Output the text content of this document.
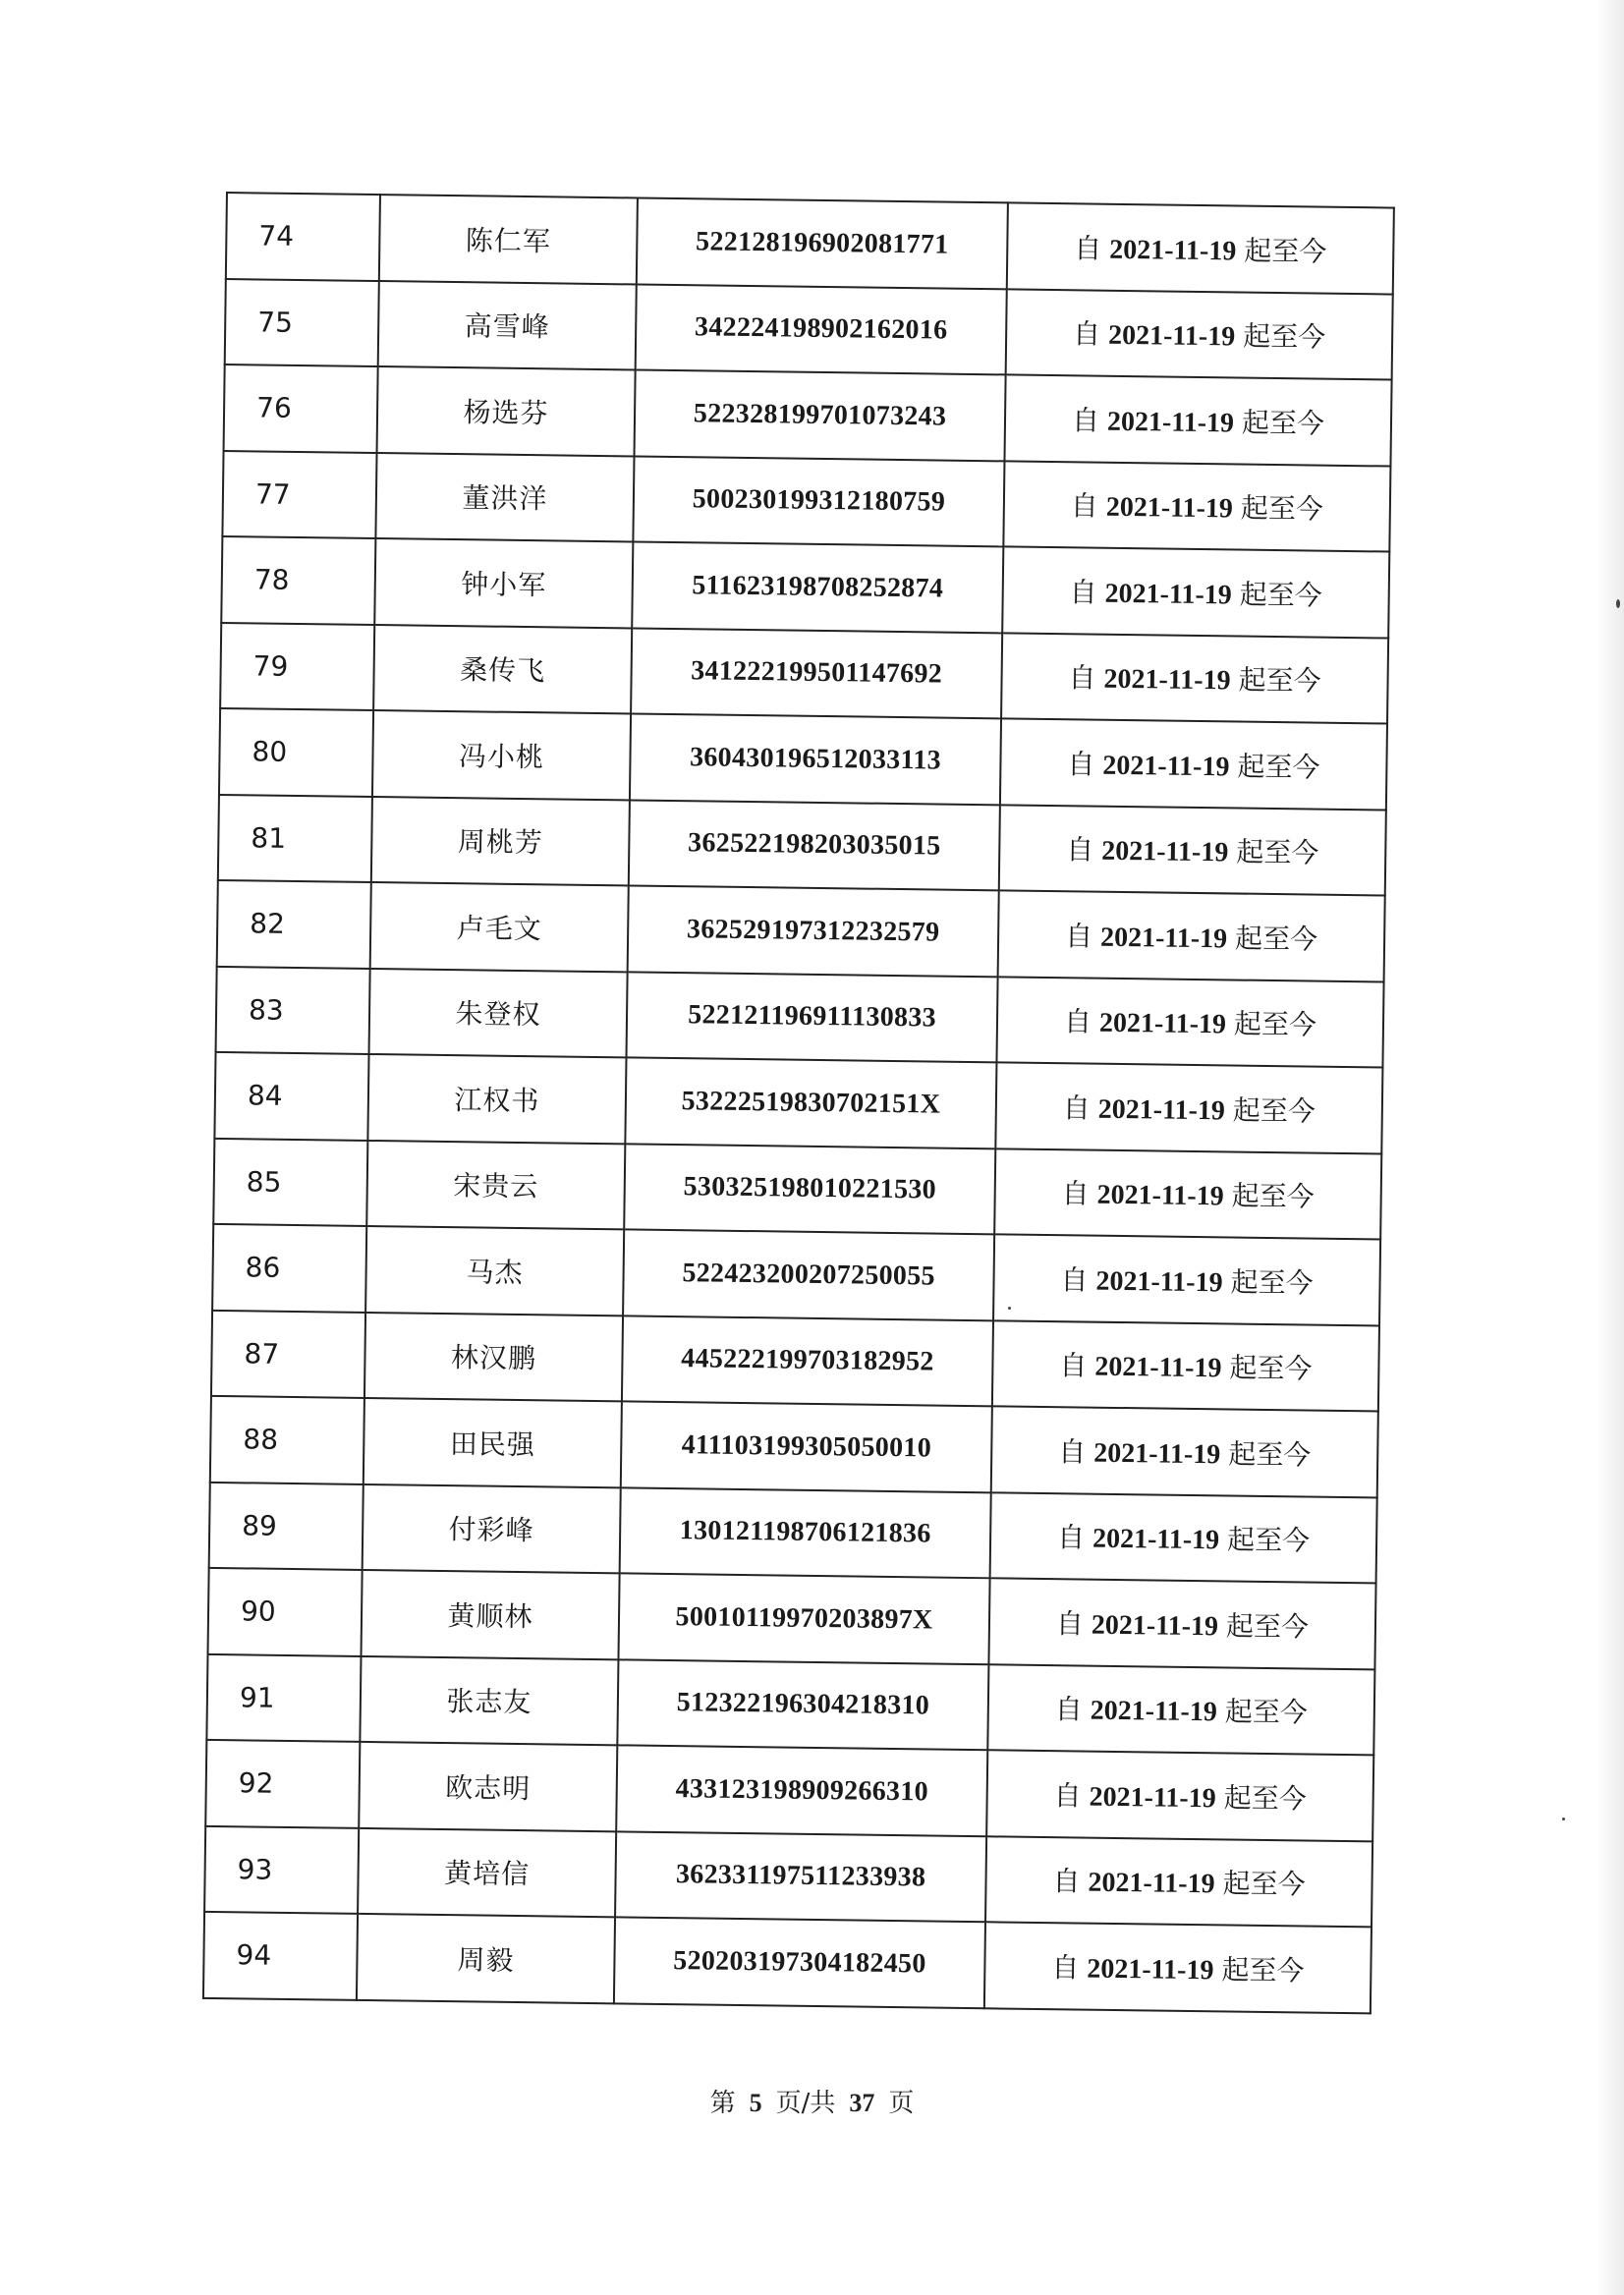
74	陈仁军	522128196902081771	自 2021-11-19 起至今
75	高雪峰	342224198902162016	自 2021-11-19 起至今
76	杨选芬	522328199701073243	自 2021-11-19 起至今
77	董洪洋	500230199312180759	自 2021-11-19 起至今
78	钟小军	511623198708252874	自 2021-11-19 起至今
79	桑传飞	341222199501147692	自 2021-11-19 起至今
80	冯小桃	360430196512033113	自 2021-11-19 起至今
81	周桃芳	362522198203035015	自 2021-11-19 起至今
82	卢毛文	362529197312232579	自 2021-11-19 起至今
83	朱登权	522121196911130833	自 2021-11-19 起至今
84	江权书	53222519830702151X	自 2021-11-19 起至今
85	宋贵云	530325198010221530	自 2021-11-19 起至今
86	马杰	522423200207250055	自 2021-11-19 起至今
87	林汉鹏	445222199703182952	自 2021-11-19 起至今
88	田民强	411103199305050010	自 2021-11-19 起至今
89	付彩峰	130121198706121836	自 2021-11-19 起至今
90	黄顺林	50010119970203897X	自 2021-11-19 起至今
91	张志友	512322196304218310	自 2021-11-19 起至今
92	欧志明	433123198909266310	自 2021-11-19 起至今
93	黄培信	362331197511233938	自 2021-11-19 起至今
94	周毅	520203197304182450	自 2021-11-19 起至今
第 5 页/共 37 页
